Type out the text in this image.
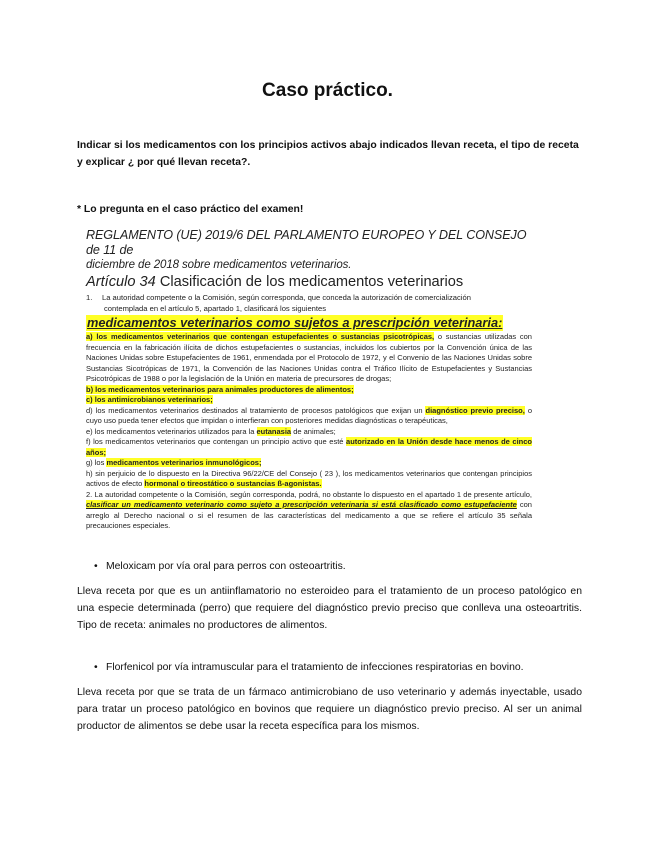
Caso práctico.
Indicar si los medicamentos con los principios activos abajo indicados llevan receta, el tipo de receta y explicar ¿ por qué llevan receta?.
* Lo pregunta en el caso práctico del examen!
REGLAMENTO (UE) 2019/6 DEL PARLAMENTO EUROPEO Y DEL CONSEJO de 11 de
diciembre de 2018 sobre medicamentos veterinarios.
Artículo 34 Clasificación de los medicamentos veterinarios
1. La autoridad competente o la Comisión, según corresponda, que conceda la autorización de comercialización
contemplada en el artículo 5, apartado 1, clasificará los siguientes
medicamentos veterinarios como sujetos a prescripción veterinaria:
a) los medicamentos veterinarios que contengan estupefacientes o sustancias psicotrópicas, o sustancias utilizadas con frecuencia en la fabricación ilícita de dichos estupefacientes o sustancias, incluidos los cubiertos por la Convención única de las Naciones Unidas sobre Estupefacientes de 1961, enmendada por el Protocolo de 1972, y el Convenio de las Naciones Unidas sobre Sustancias Sicotrópicas de 1971, la Convención de las Naciones Unidas contra el Tráfico Ilícito de Estupefacientes y Sustancias Psicotrópicas de 1988 o por la legislación de la Unión en materia de precursores de drogas;
b) los medicamentos veterinarios para animales productores de alimentos;
c) los antimicrobianos veterinarios;
d) los medicamentos veterinarios destinados al tratamiento de procesos patológicos que exijan un diagnóstico previo preciso, o cuyo uso pueda tener efectos que impidan o interfieran con posteriores medidas diagnósticas o terapéuticas,
e) los medicamentos veterinarios utilizados para la eutanasia de animales;
f) los medicamentos veterinarios que contengan un principio activo que esté autorizado en la Unión desde hace menos de cinco años;
g) los medicamentos veterinarios inmunológicos;
h) sin perjuicio de lo dispuesto en la Directiva 96/22/CE del Consejo ( 23 ), los medicamentos veterinarios que contengan principios activos de efecto hormonal o tireostático o sustancias ß-agonistas.
2. La autoridad competente o la Comisión, según corresponda, podrá, no obstante lo dispuesto en el apartado 1 de presente artículo, clasificar un medicamento veterinario como sujeto a prescripción veterinaria si está clasificado como estupefaciente con arreglo al Derecho nacional o si el resumen de las características del medicamento a que se refiere el artículo 35 señala precauciones especiales.
• Meloxicam por vía oral para perros con osteoartritis.
Lleva receta por que es un antiinflamatorio no esteroideo para el tratamiento de un proceso patológico en una especie determinada (perro) que requiere del diagnóstico previo preciso que conlleva una osteoartritis. Tipo de receta: animales no productores de alimentos.
• Florfenicol por vía intramuscular para el tratamiento de infecciones respiratorias en bovino.
Lleva receta por que se trata de un fármaco antimicrobiano de uso veterinario y además inyectable, usado para tratar un proceso patológico en bovinos que requiere un diagnóstico previo preciso. Al ser un animal productor de alimentos se debe usar la receta específica para los mismos.
